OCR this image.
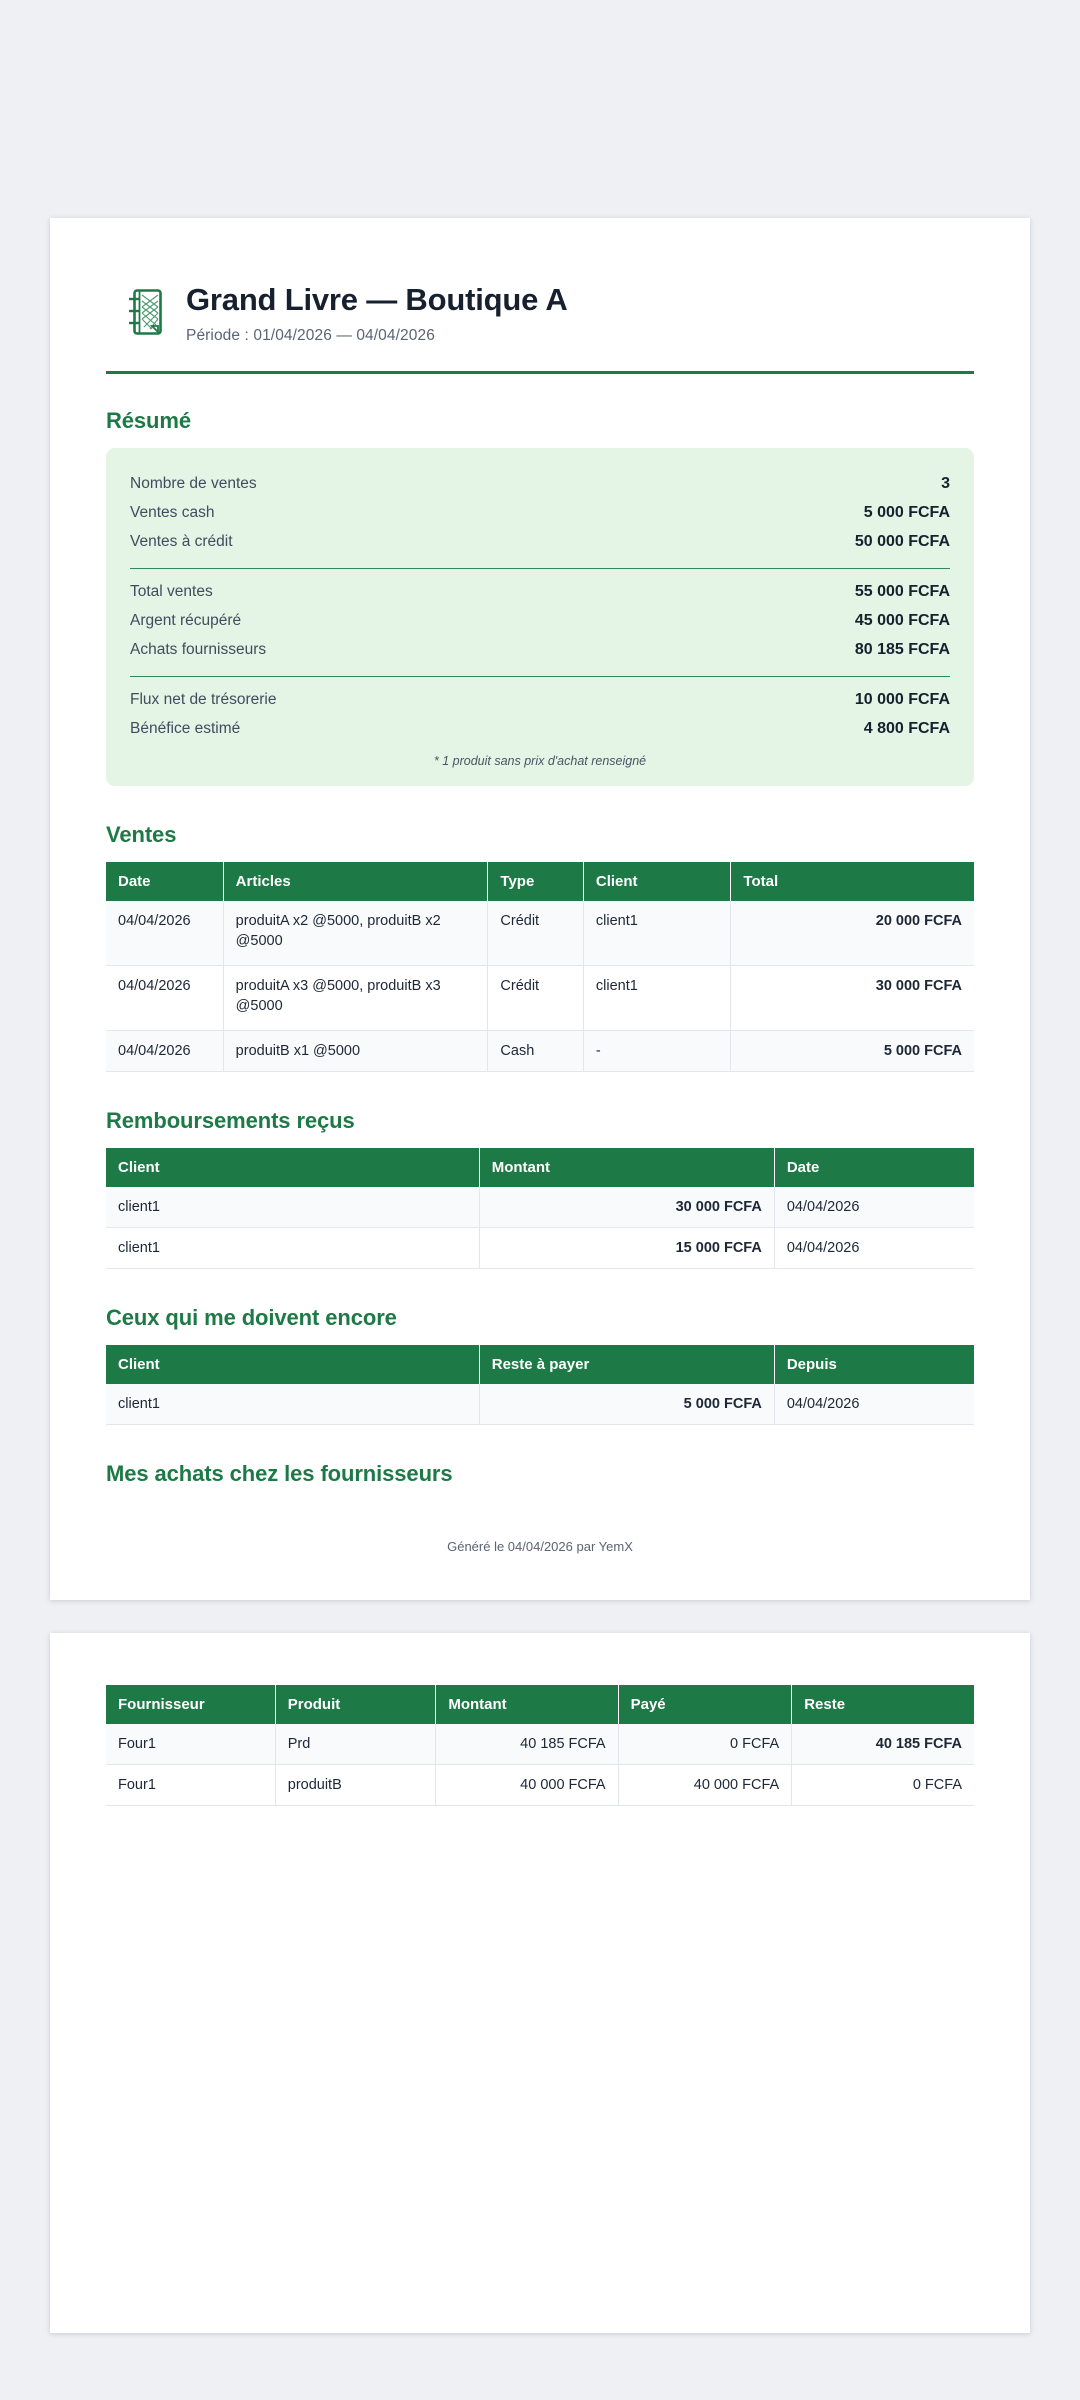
Grand Livre — Boutique A

Période : 01/04/2026 — 04/04/2026

Résumé
Nombre de ventes	3
Ventes cash	5 000 FCFA
Ventes à crédit	50 000 FCFA
Total ventes	55 000 FCFA
Argent récupéré	45 000 FCFA
Achats fournisseurs	80 185 FCFA
Flux net de trésorerie	10 000 FCFA
Bénéfice estimé	4 800 FCFA
* 1 produit sans prix d'achat renseigné
Ventes
Date	Articles	Type	Client	Total
04/04/2026	produitA x2 @5000, produitB x2 @5000	Crédit	client1	20 000 FCFA
04/04/2026	produitA x3 @5000, produitB x3 @5000	Crédit	client1	30 000 FCFA
04/04/2026	produitB x1 @5000	Cash	-	5 000 FCFA
Remboursements reçus
Client	Montant	Date
client1	30 000 FCFA	04/04/2026
client1	15 000 FCFA	04/04/2026
Ceux qui me doivent encore
Client	Reste à payer	Depuis
client1	5 000 FCFA	04/04/2026
Mes achats chez les fournisseurs
Généré le 04/04/2026 par YemX
Fournisseur	Produit	Montant	Payé	Reste
Four1	Prd	40 185 FCFA	0 FCFA	40 185 FCFA
Four1	produitB	40 000 FCFA	40 000 FCFA	0 FCFA
